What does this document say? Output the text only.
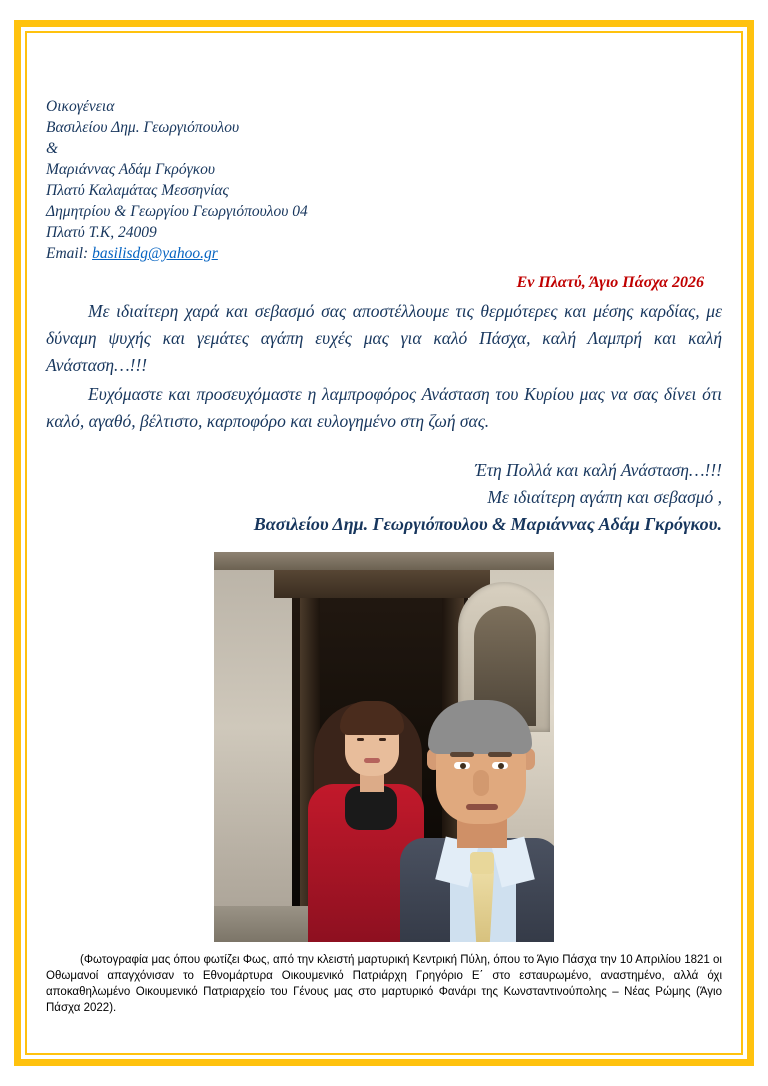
Οικογένεια
Βασιλείου Δημ. Γεωργιόπουλου
&
Μαριάννας Αδάμ Γκρόγκου
Πλατύ Καλαμάτας Μεσσηνίας
Δημητρίου & Γεωργίου Γεωργιόπουλου 04
Πλατύ Τ.Κ, 24009
Email: basilisdg@yahoo.gr
Εν Πλατύ, Άγιο Πάσχα 2026

Με ιδιαίτερη χαρά και σεβασμό σας αποστέλλουμε τις θερμότερες και μέσης καρδίας, με δύναμη ψυχής και γεμάτες αγάπη ευχές μας για καλό Πάσχα, καλή Λαμπρή και καλή Ανάσταση…!!!

Ευχόμαστε και προσευχόμαστε η λαμπροφόρος Ανάσταση του Κυρίου μας να σας δίνει ότι καλό, αγαθό, βέλτιστο, καρποφόρο και ευλογημένο στη ζωή σας.

Έτη Πολλά και καλή Ανάσταση…!!!
Με ιδιαίτερη αγάπη και σεβασμό ,
Βασιλείου Δημ. Γεωργιόπουλου & Μαριάννας Αδάμ Γκρόγκου.
(Φωτογραφία μας όπου φωτίζει Φως, από την κλειστή μαρτυρική Κεντρική Πύλη, όπου το Άγιο Πάσχα την 10 Απριλίου 1821 οι Οθωμανοί απαγχόνισαν το Εθνομάρτυρα Οικουμενικό Πατριάρχη Γρηγόριο Ε΄ στο εσταυρωμένο, αναστημένο, αλλά όχι αποκαθηλωμένο Οικουμενικό Πατριαρχείο του Γένους μας στο μαρτυρικό Φανάρι της Κωνσταντινούπολης – Νέας Ρώμης (Άγιο Πάσχα 2022).
